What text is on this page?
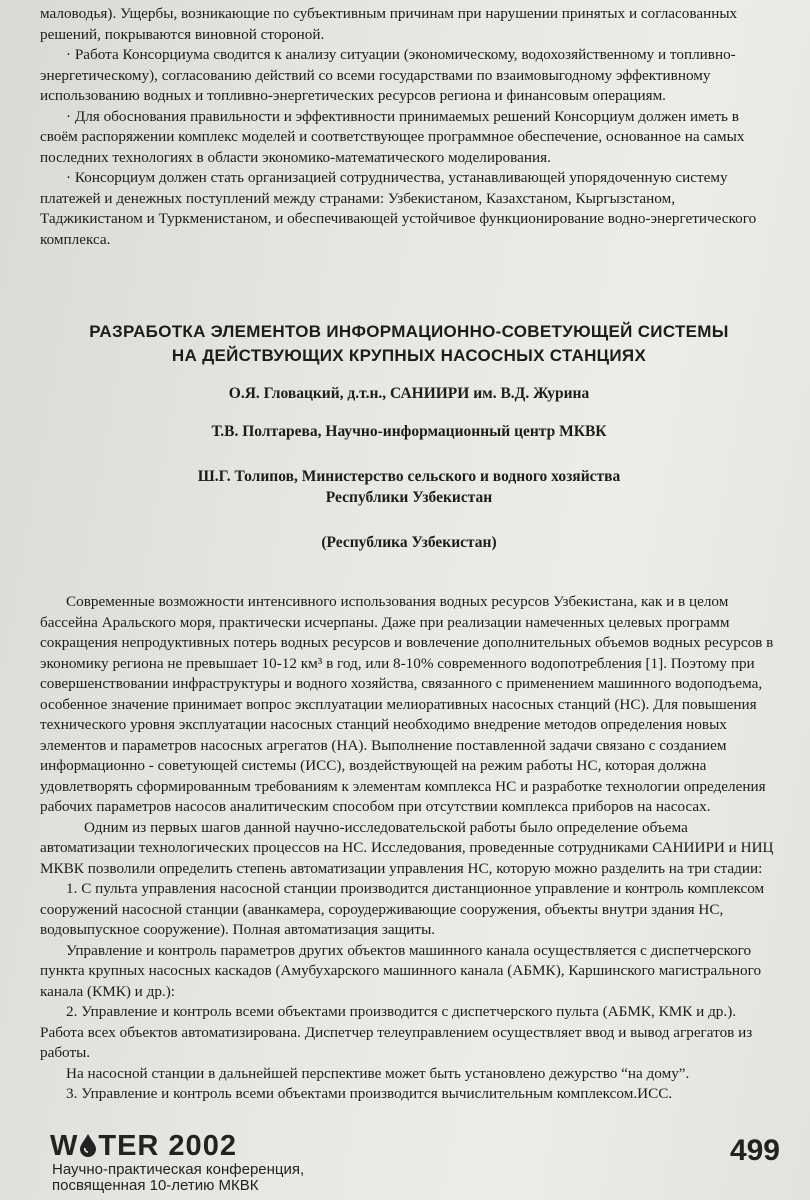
маловодья). Ущербы, возникающие по субъективным причинам при нарушении принятых и согласованных решений, покрываются виновной стороной.

· Работа Консорциума сводится к анализу ситуации (экономическому, водохозяйственному и топливно-энергетическому), согласованию действий со всеми государствами по взаимовыгодному эффективному использованию водных и топливно-энергетических ресурсов региона и финансовым операциям.

· Для обоснования правильности и эффективности принимаемых решений Консорциум должен иметь в своём распоряжении комплекс моделей и соответствующее программное обеспечение, основанное на самых последних технологиях в области экономико-математического моделирования.

· Консорциум должен стать организацией сотрудничества, устанавливающей упорядоченную систему платежей и денежных поступлений между странами: Узбекистаном, Казахстаном, Кыргызстаном, Таджикистаном и Туркменистаном, и обеспечивающей устойчивое функционирование водно-энергетического комплекса.

РАЗРАБОТКА ЭЛЕМЕНТОВ ИНФОРМАЦИОННО-СОВЕТУЮЩЕЙ СИСТЕМЫ
НА ДЕЙСТВУЮЩИХ КРУПНЫХ НАСОСНЫХ СТАНЦИЯХ

О.Я. Гловацкий, д.т.н., САНИИРИ им. В.Д. Журина

Т.В. Полтарева, Научно-информационный центр МКВК

Ш.Г. Толипов, Министерство сельского и водного хозяйства

Республики Узбекистан

(Республика Узбекистан)

Современные возможности интенсивного использования водных ресурсов Узбекистана, как и в целом бассейна Аральского моря, практически исчерпаны. Даже при реализации намеченных целевых программ сокращения непродуктивных потерь водных ресурсов и вовлечение дополнительных объемов водных ресурсов в экономику региона не превышает 10-12 км³ в год, или 8-10% современного водопотребления [1]. Поэтому при совершенствовании инфраструктуры и водного хозяйства, связанного с применением машинного водоподъема, особенное значение принимает вопрос эксплуатации мелиоративных насосных станций (НС). Для повышения технического уровня эксплуатации насосных станций необходимо внедрение методов определения новых элементов и параметров насосных агрегатов (НА). Выполнение поставленной задачи связано с созданием информационно - советующей системы (ИСС), воздействующей на режим работы НС, которая должна удовлетворять сформированным требованиям к элементам комплекса НС и разработке технологии определения рабочих параметров насосов аналитическим способом при отсутствии комплекса приборов на насосах.

Одним из первых шагов данной научно-исследовательской работы было определение объема автоматизации технологических процессов на НС. Исследования, проведенные сотрудниками САНИИРИ и НИЦ МКВК позволили определить степень автоматизации управления НС, которую можно разделить на три стадии:

1. С пульта управления насосной станции производится дистанционное управление и контроль комплексом сооружений насосной станции (аванкамера, сороудерживающие сооружения, объекты внутри здания НС, водовыпускное сооружение). Полная автоматизация защиты.

Управление и контроль параметров других объектов машинного канала осуществляется с диспетчерского пункта крупных насосных каскадов (Амубухарского машинного канала (АБМК), Каршинского магистрального канала (КМК) и др.):

2. Управление и контроль всеми объектами производится с диспетчерского пульта (АБМК, КМК и др.). Работа всех объектов автоматизирована. Диспетчер телеуправлением осуществляет ввод и вывод агрегатов из работы.

На насосной станции в дальнейшей перспективе может быть установлено дежурство “на дому”.

3. Управление и контроль всеми объектами производится вычислительным комплексом.ИСС.

W TER 2002
Научно-практическая конференция,
посвященная 10-летию МКВК
499
